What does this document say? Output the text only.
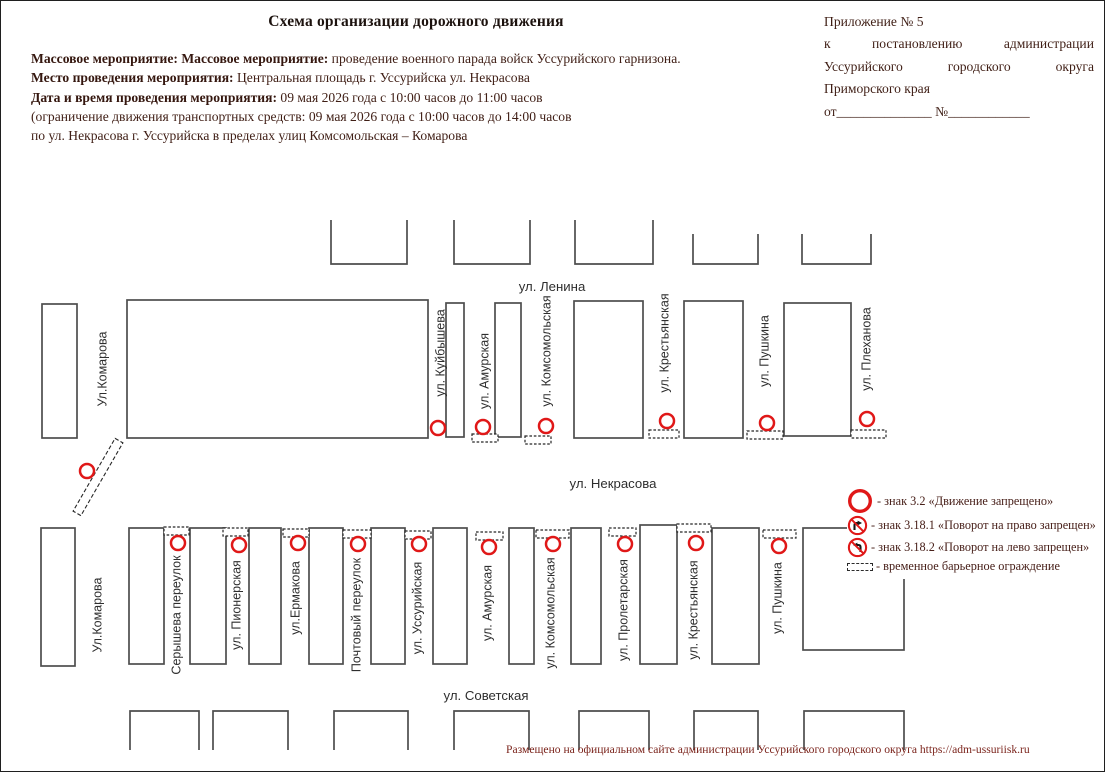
Схема организации дорожного движения
Массовое мероприятие: Массовое мероприятие: проведение военного парада войск Уссурийского гарнизона.
Место проведения мероприятия: Центральная площадь г. Уссурийска ул. Некрасова
Дата и время проведения мероприятия: 09 мая 2026 года с 10:00 часов до 11:00 часов
(ограничение движения транспортных средств: 09 мая 2026 года с 10:00 часов до 14:00 часов
по ул. Некрасова г. Уссурийска в пределах улиц Комсомольская – Комарова
Приложение № 5
к	постановлению	администрации
Уссурийского	городского	округа
Приморского края
от______________ №____________
ул. Ленина
ул. Некрасова
ул. Советская
Ул.Комарова	ул. Куйбышева ул. Амурская	ул. Комсомольская	ул. Крестьянская	ул. Пушкина	ул. Плеханова
Ул.Комарова	Серышева переулок	ул. Пионерская	ул.Ермакова	Почтовый переулок	ул. Уссурийская	ул. Амурская	ул. Комсомольская	ул. Пролетарская	ул. Крестьянская	ул. Пушкина
- знак 3.2 «Движение запрещено»
- знак 3.18.1 «Поворот на право запрещен»
- знак 3.18.2 «Поворот на лево запрещен»
- временное барьерное ограждение
Размещено на официальном сайте администрации Уссурийского городского округа https://adm-ussuriisk.ru
